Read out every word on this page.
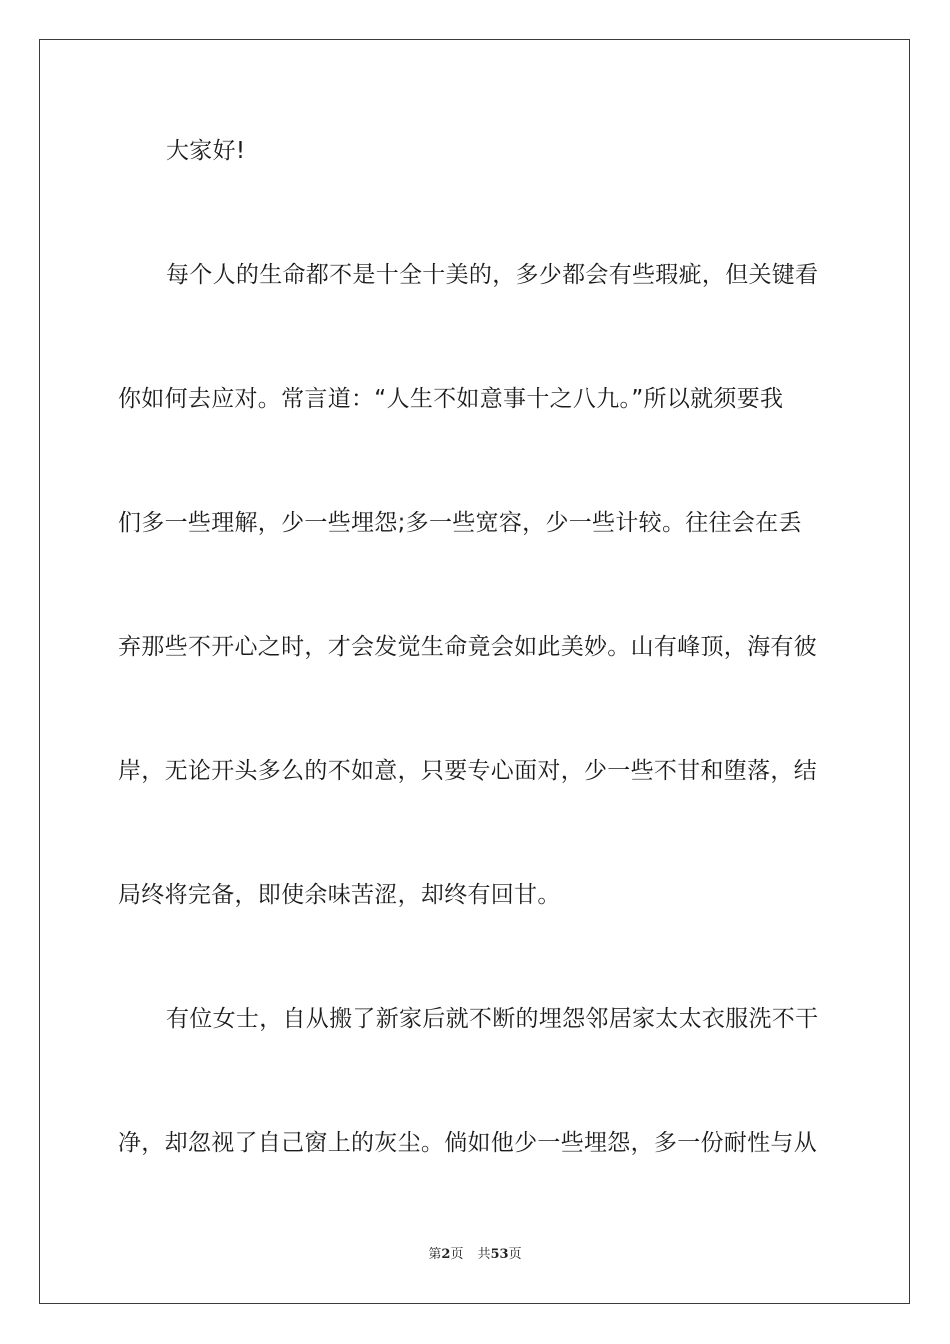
大家好!
每个人的生命都不是十全十美的，多少都会有些瑕疵，但关键看
你如何去应对。常言道：“人生不如意事十之八九。”所以就须要我
们多一些理解，少一些埋怨;多一些宽容，少一些计较。往往会在丢
弃那些不开心之时，才会发觉生命竟会如此美妙。山有峰顶，海有彼
岸，无论开头多么的不如意，只要专心面对，少一些不甘和堕落，结
局终将完备，即使余味苦涩，却终有回甘。
有位女士，自从搬了新家后就不断的埋怨邻居家太太衣服洗不干
净，却忽视了自己窗上的灰尘。倘如他少一些埋怨，多一份耐性与从
第2页 共53页
